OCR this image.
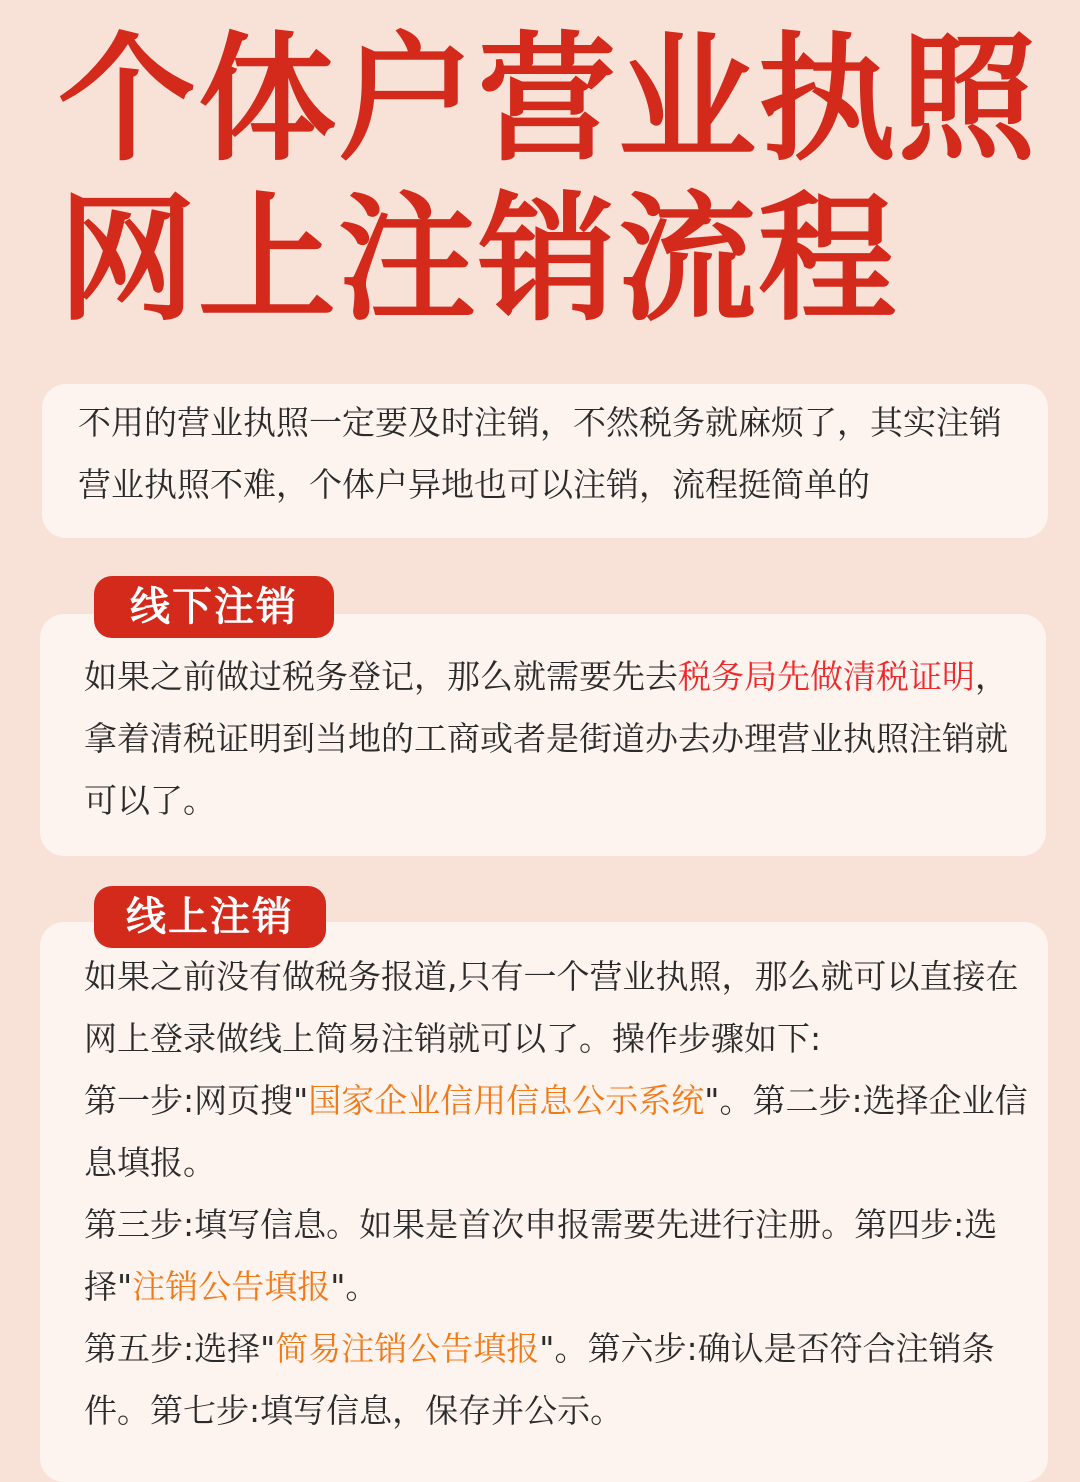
个体户营业执照
网上注销流程

不用的营业执照一定要及时注销，不然税务就麻烦了，其实注销营业执照不难，个体户异地也可以注销，流程挺简单的

如果之前做过税务登记，那么就需要先去税务局先做清税证明，拿着清税证明到当地的工商或者是街道办去办理营业执照注销就可以了。

线下注销
如果之前没有做税务报道,只有一个营业执照，那么就可以直接在网上登录做线上简易注销就可以了。操作步骤如下:
第一步:网页搜"国家企业信用信息公示系统"。第二步:选择企业信息填报。
第三步:填写信息。如果是首次申报需要先进行注册。第四步:选择"注销公告填报"。
第五步:选择"简易注销公告填报"。第六步:确认是否符合注销条件。第七步:填写信息，保存并公示。
线上注销
